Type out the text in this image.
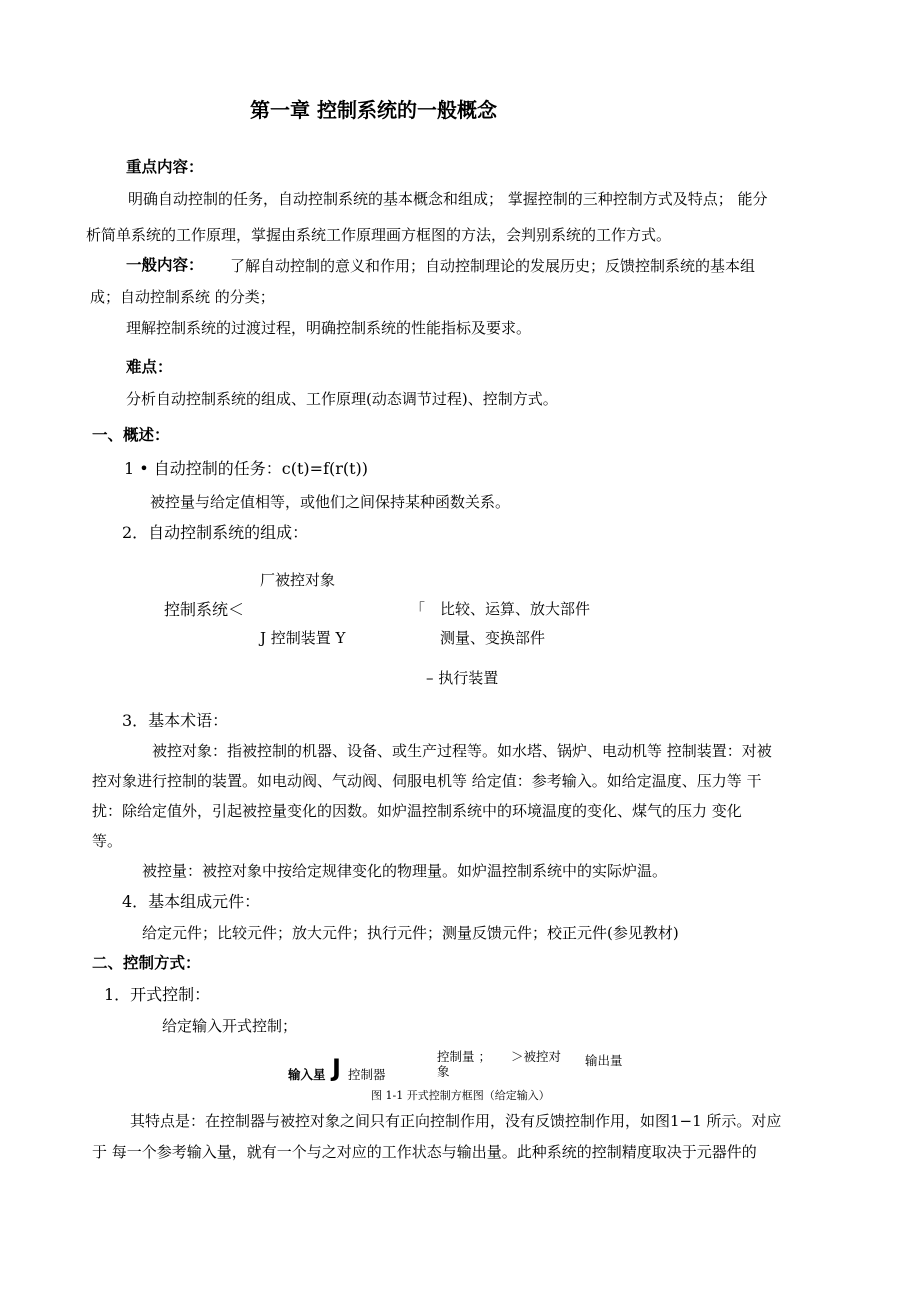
第一章 控制系统的一般概念
重点内容：
明确自动控制的任务，自动控制系统的基本概念和组成； 掌握控制的三种控制方式及特点； 能分
析简单系统的工作原理，掌握由系统工作原理画方框图的方法，会判别系统的工作方式。
一般内容： 了解自动控制的意义和作用；自动控制理论的发展历史；反馈控制系统的基本组
成；自动控制系统 的分类；
理解控制系统的过渡过程，明确控制系统的性能指标及要求。
难点：
分析自动控制系统的组成、工作原理(动态调节过程)、控制方式。
一、概述：
1 • 自动控制的任务：c(t)=f(r(t))
被控量与给定值相等，或他们之间保持某种函数关系。
2．自动控制系统的组成：
厂被控对象
控制系统＜	「 比较、运算、放大部件
J 控制装置 Y	测量、变换部件
– 执行装置
3．基本术语：
被控对象：指被控制的机器、设备、或生产过程等。如水塔、锅炉、电动机等 控制装置：对被
控对象进行控制的装置。如电动阀、气动阀、伺服电机等 给定值：参考输入。如给定温度、压力等 干
扰：除给定值外，引起被控量变化的因数。如炉温控制系统中的环境温度的变化、煤气的压力 变化
等。
被控量：被控对象中按给定规律变化的物理量。如炉温控制系统中的实际炉温。
4．基本组成元件：
给定元件；比较元件；放大元件；执行元件；测量反馈元件；校正元件(参见教材)
二、控制方式：
1．开式控制：
给定输入开式控制；
输入星 J 控制器
控制量 ；
象
＞被控对 输出量
图 1-1 开式控制方框图（给定输入）
其特点是：在控制器与被控对象之间只有正向控制作用，没有反馈控制作用，如图1−1 所示。对应
于 每一个参考输入量，就有一个与之对应的工作状态与输出量。此种系统的控制精度取决于元器件的
